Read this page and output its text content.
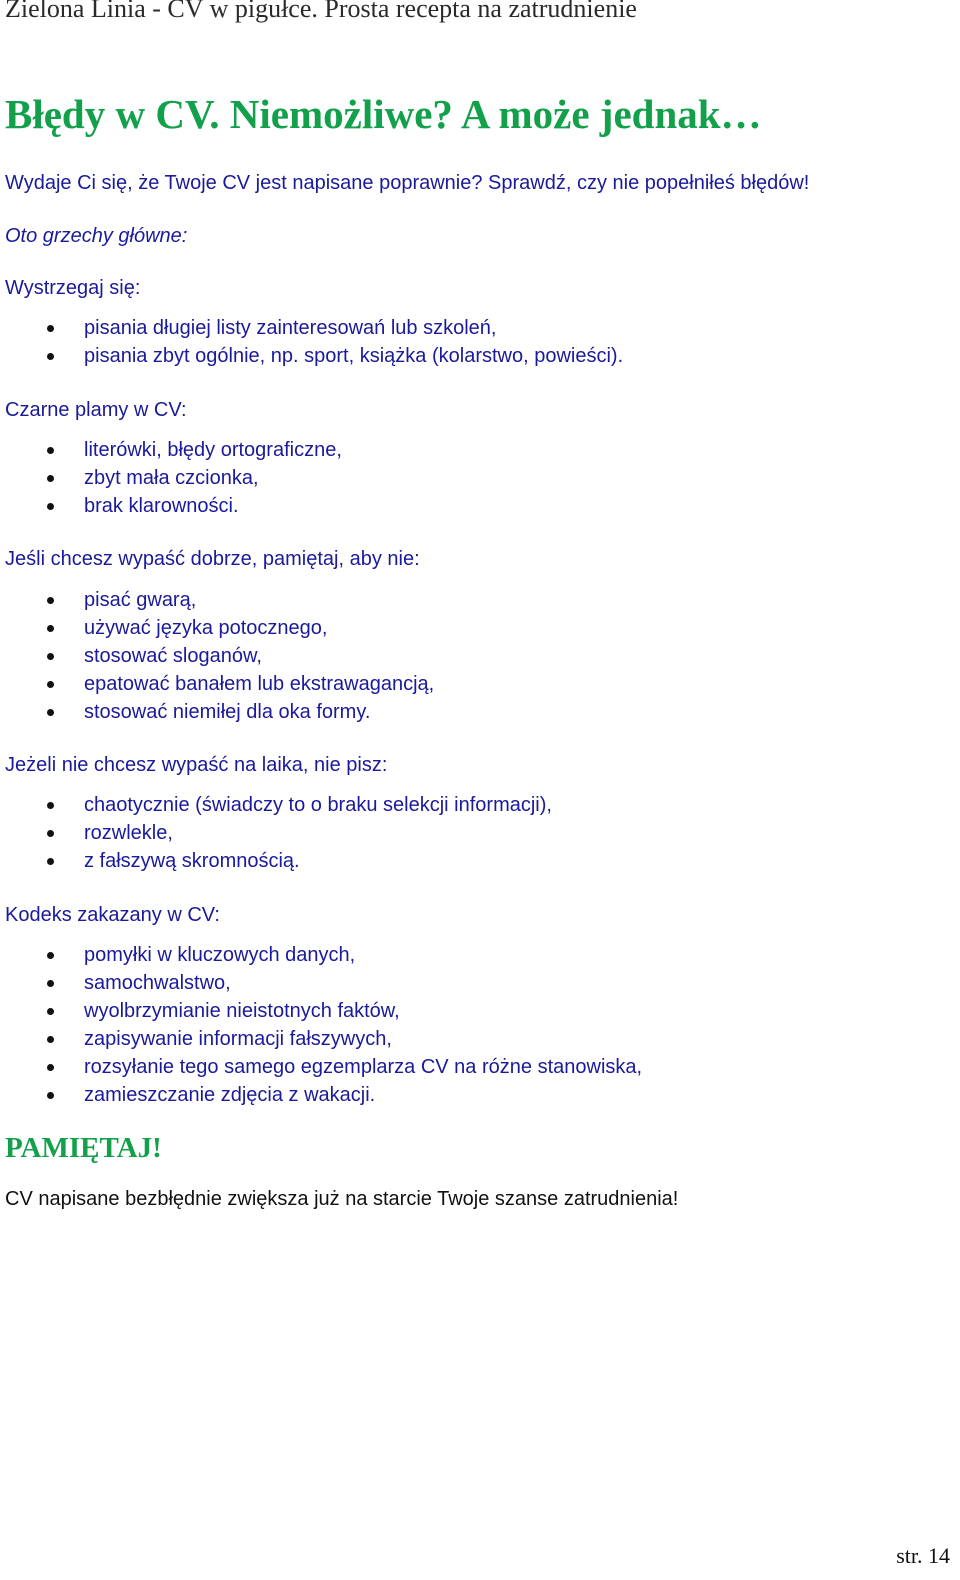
Zielona Linia - CV w pigułce. Prosta recepta na zatrudnienie
Błędy w CV. Niemożliwe? A może jednak…
Wydaje Ci się, że Twoje CV jest napisane poprawnie? Sprawdź, czy nie popełniłeś błędów!
Oto grzechy główne:
Wystrzegaj się:
pisania długiej listy zainteresowań lub szkoleń,
pisania zbyt ogólnie, np. sport, książka (kolarstwo, powieści).
Czarne plamy w CV:
literówki, błędy ortograficzne,
zbyt mała czcionka,
brak klarowności.
Jeśli chcesz wypaść dobrze, pamiętaj, aby nie:
pisać gwarą,
używać języka potocznego,
stosować sloganów,
epatować banałem lub ekstrawagancją,
stosować niemiłej dla oka formy.
Jeżeli nie chcesz wypaść na laika, nie pisz:
chaotycznie (świadczy to o braku selekcji informacji),
rozwlekle,
z fałszywą skromnością.
Kodeks zakazany w CV:
pomyłki w kluczowych danych,
samochwalstwo,
wyolbrzymianie nieistotnych faktów,
zapisywanie informacji fałszywych,
rozsyłanie tego samego egzemplarza CV na różne stanowiska,
zamieszczanie zdjęcia z wakacji.
PAMIĘTAJ!
CV napisane bezbłędnie zwiększa już na starcie Twoje szanse zatrudnienia!
str. 14
